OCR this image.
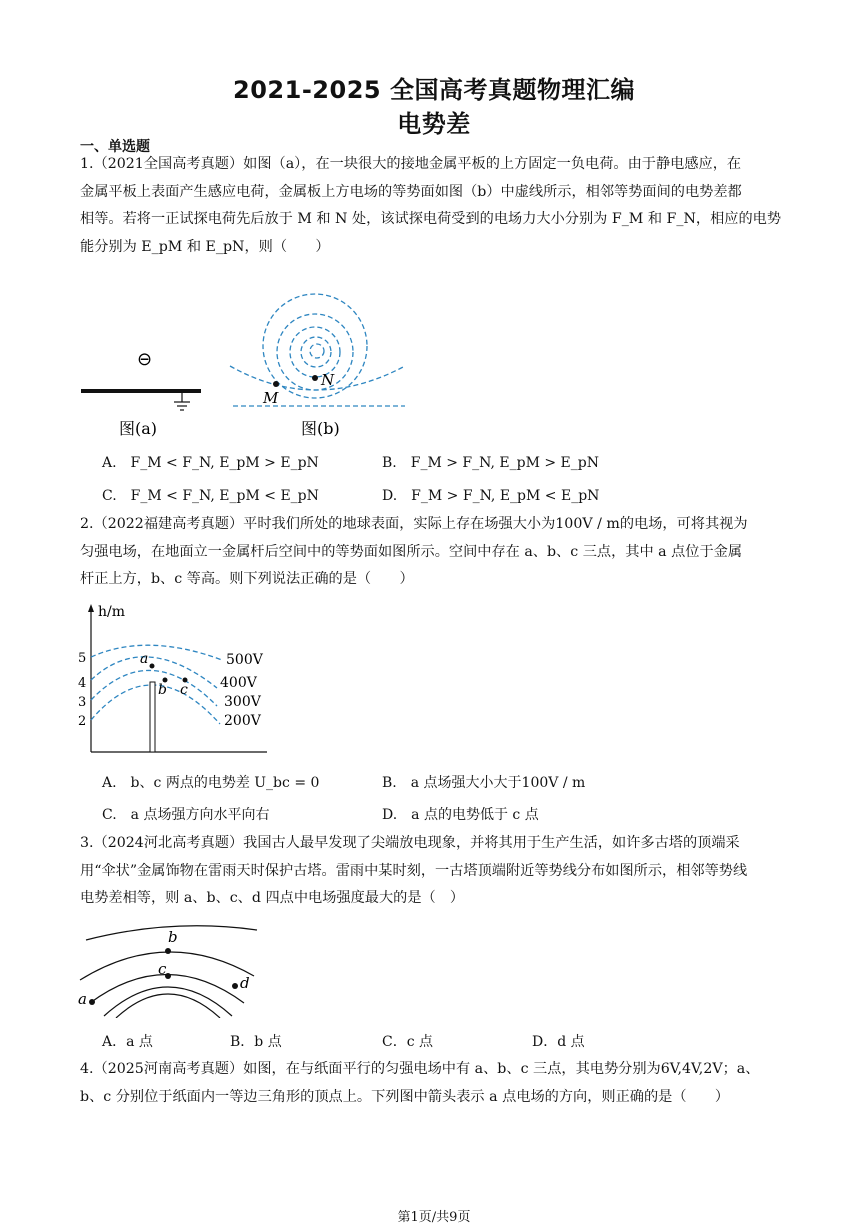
2021-2025 全国高考真题物理汇编
电势差
一、单选题

1.（2021全国高考真题）如图（a），在一块很大的接地金属平板的上方固定一负电荷。由于静电感应，在

金属平板上表面产生感应电荷，金属板上方电场的等势面如图（b）中虚线所示，相邻等势面间的电势差都

相等。若将一正试探电荷先后放于 M 和 N 处，该试探电荷受到的电场力大小分别为 F_M 和 F_N，相应的电势

能分别为 E_pM 和 E_pN，则（　　）

⊖
图(a)
M
N
图(b)
A.　F_M < F_N, E_pM > E_pN	B.　F_M > F_N, E_pM > E_pN
C.　F_M < F_N, E_pM < E_pN	D.　F_M > F_N, E_pM < E_pN

2.（2022福建高考真题）平时我们所处的地球表面，实际上存在场强大小为100V / m的电场，可将其视为

匀强电场，在地面立一金属杆后空间中的等势面如图所示。空间中存在 a、b、c 三点，其中 a 点位于金属

杆正上方，b、c 等高。则下列说法正确的是（　　）

h/m
5
4
3
2
a
b c
500V
400V
300V
200V
A.　b、c 两点的电势差 U_bc = 0	B.　a 点场强大小大于100V / m
C.　a 点场强方向水平向右	D.　a 点的电势低于 c 点

3.（2024河北高考真题）我国古人最早发现了尖端放电现象，并将其用于生产生活，如许多古塔的顶端采

用“伞状”金属饰物在雷雨天时保护古塔。雷雨中某时刻，一古塔顶端附近等势线分布如图所示，相邻等势线

电势差相等，则 a、b、c、d 四点中电场强度最大的是（　）

b
c
a
d
A．a 点	B．b 点	C．c 点	D．d 点

4.（2025河南高考真题）如图，在与纸面平行的匀强电场中有 a、b、c 三点，其电势分别为6V,4V,2V；a、

b、c 分别位于纸面内一等边三角形的顶点上。下列图中箭头表示 a 点电场的方向，则正确的是（　　）

第1页/共9页
